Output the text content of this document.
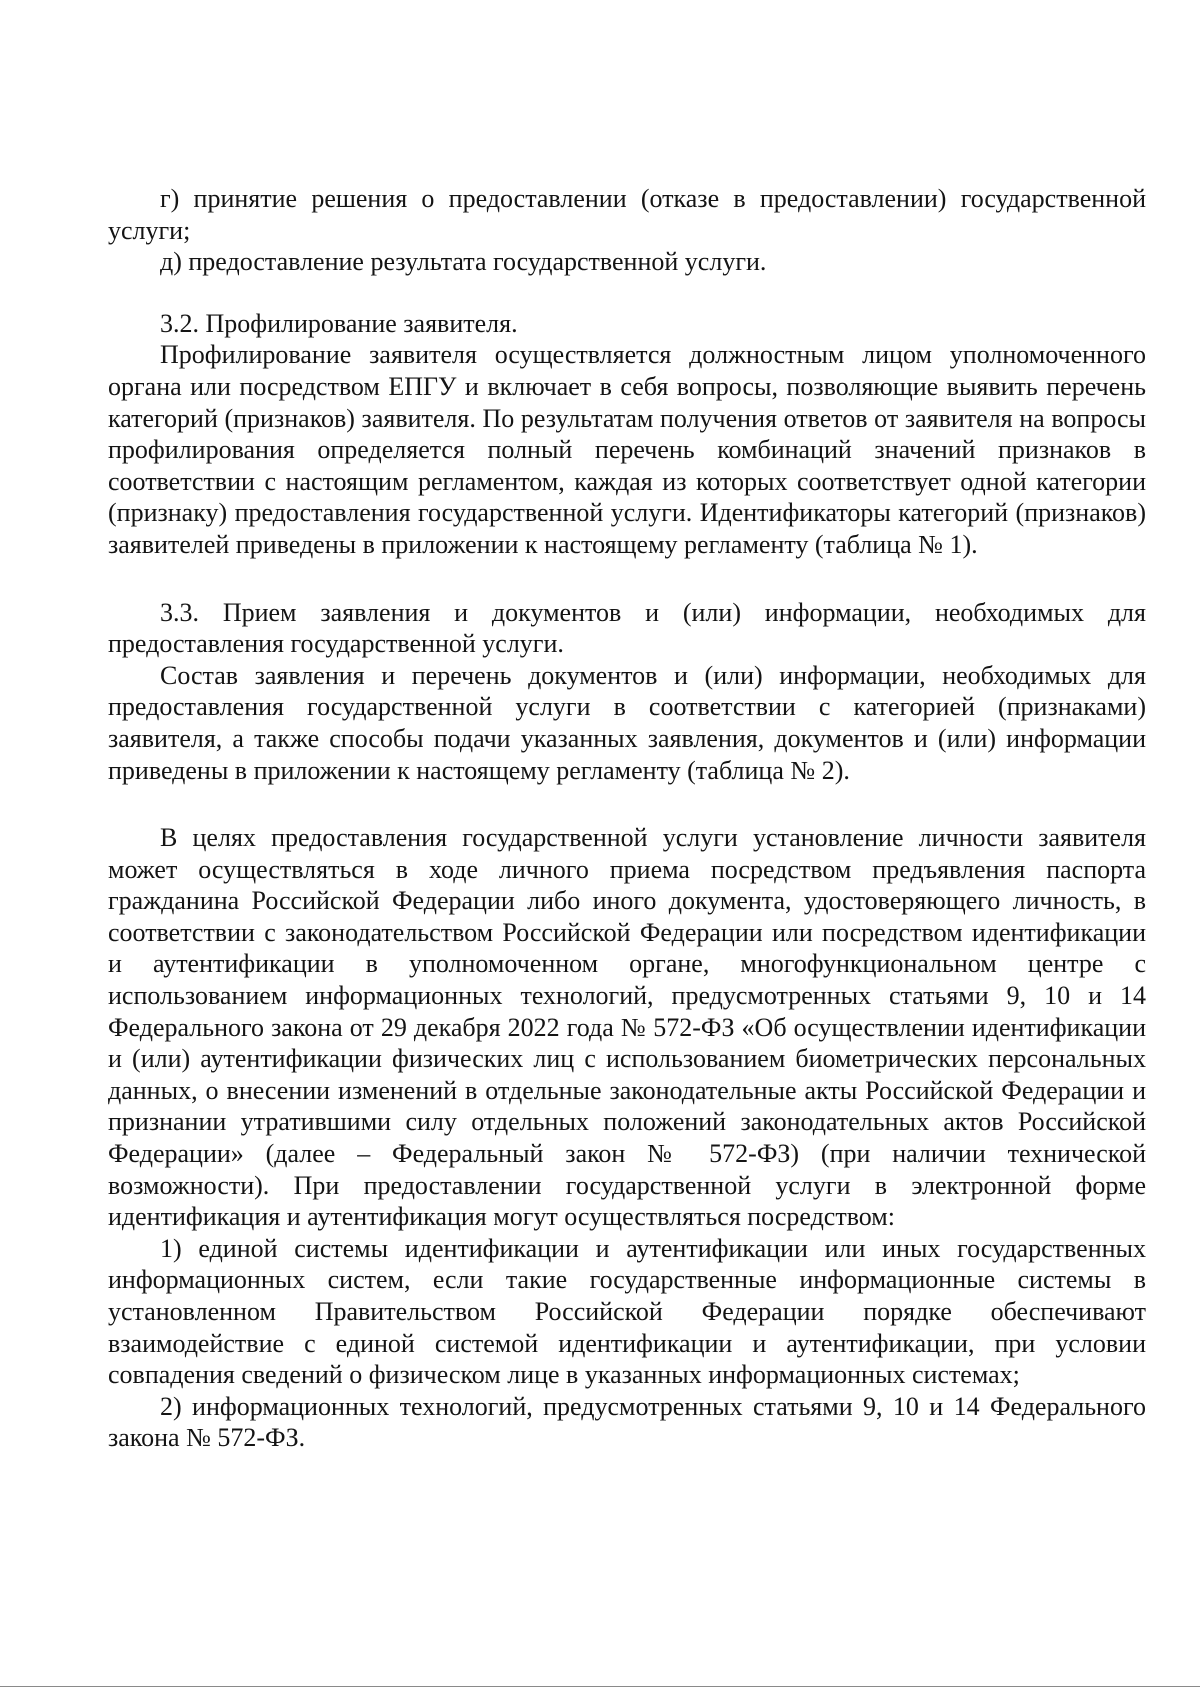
г) принятие решения о предоставлении (отказе в предоставлении) государственной услуги;

д) предоставление результата государственной услуги.

3.2. Профилирование заявителя.

Профилирование заявителя осуществляется должностным лицом уполномоченного органа или посредством ЕПГУ и включает в себя вопросы, позволяющие выявить перечень категорий (признаков) заявителя. По результатам получения ответов от заявителя на вопросы профилирования определяется полный перечень комбинаций значений признаков в соответствии с настоящим регламентом, каждая из которых соответствует одной категории (признаку) предоставления государственной услуги. Идентификаторы категорий (признаков) заявителей приведены в приложении к настоящему регламенту (таблица № 1).

3.3. Прием заявления и документов и (или) информации, необходимых для предоставления государственной услуги.

Состав заявления и перечень документов и (или) информации, необходимых для предоставления государственной услуги в соответствии с категорией (признаками) заявителя, а также способы подачи указанных заявления, документов и (или) информации приведены в приложении к настоящему регламенту (таблица № 2).

В целях предоставления государственной услуги установление личности заявителя может осуществляться в ходе личного приема посредством предъявления паспорта гражданина Российской Федерации либо иного документа, удостоверяющего личность, в соответствии с законодательством Российской Федерации или посредством идентификации и аутентификации в уполномоченном органе, многофункциональном центре с использованием информационных технологий, предусмотренных статьями 9, 10 и 14 Федерального закона от 29 декабря 2022 года № 572-ФЗ «Об осуществлении идентификации и (или) аутентификации физических лиц с использованием биометрических персональных данных, о внесении изменений в отдельные законодательные акты Российской Федерации и признании утратившими силу отдельных положений законодательных актов Российской Федерации» (далее – Федеральный закон № 572-ФЗ) (при наличии технической возможности). При предоставлении государственной услуги в электронной форме идентификация и аутентификация могут осуществляться посредством:

1) единой системы идентификации и аутентификации или иных государственных информационных систем, если такие государственные информационные системы в установленном Правительством Российской Федерации порядке обеспечивают взаимодействие с единой системой идентификации и аутентификации, при условии совпадения сведений о физическом лице в указанных информационных системах;

2) информационных технологий, предусмотренных статьями 9, 10 и 14 Федерального закона № 572-ФЗ.
